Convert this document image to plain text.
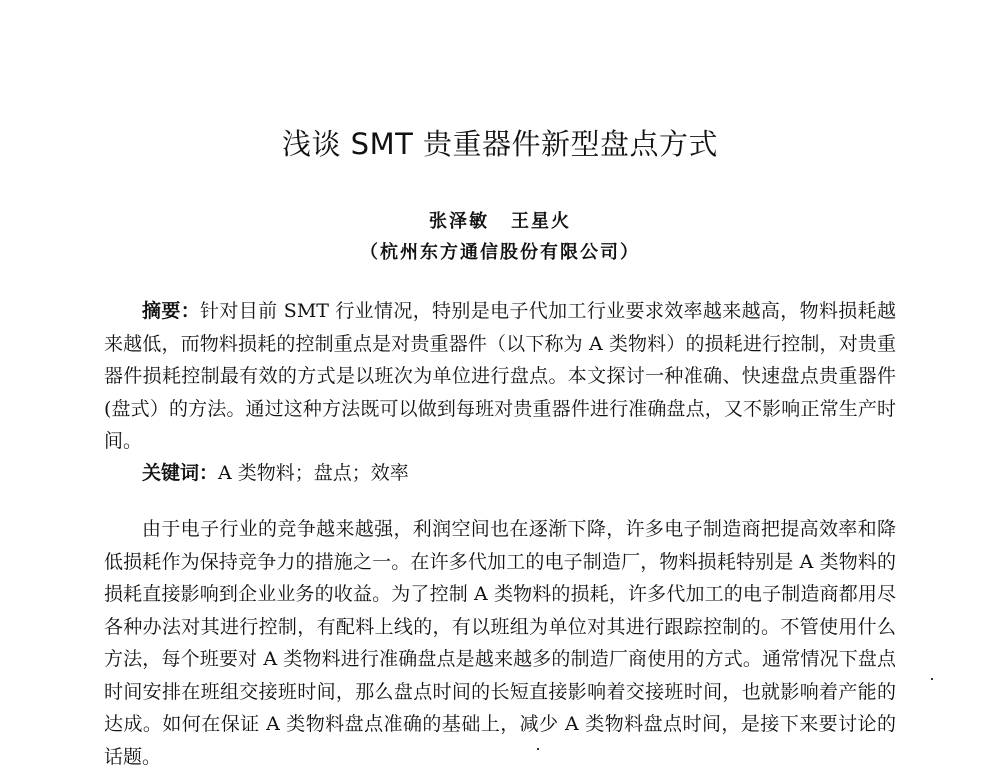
浅谈 SMT 贵重器件新型盘点方式

张泽敏 王星火

（杭州东方通信股份有限公司）

摘要：针对目前 SMT 行业情况，特别是电子代加工行业要求效率越来越高，物料损耗越来越低，而物料损耗的控制重点是对贵重器件（以下称为 A 类物料）的损耗进行控制，对贵重器件损耗控制最有效的方式是以班次为单位进行盘点。本文探讨一种准确、快速盘点贵重器件 (盘式）的方法。通过这种方法既可以做到每班对贵重器件进行准确盘点，又不影响正常生产时间。

关键词：A 类物料；盘点；效率

由于电子行业的竞争越来越强，利润空间也在逐渐下降，许多电子制造商把提高效率和降低损耗作为保持竞争力的措施之一。在许多代加工的电子制造厂，物料损耗特别是 A 类物料的损耗直接影响到企业业务的收益。为了控制 A 类物料的损耗，许多代加工的电子制造商都用尽各种办法对其进行控制，有配料上线的，有以班组为单位对其进行跟踪控制的。不管使用什么方法，每个班要对 A 类物料进行准确盘点是越来越多的制造厂商使用的方式。通常情况下盘点时间安排在班组交接班时间，那么盘点时间的长短直接影响着交接班时间，也就影响着产能的达成。如何在保证 A 类物料盘点准确的基础上，减少 A 类物料盘点时间，是接下来要讨论的话题。
